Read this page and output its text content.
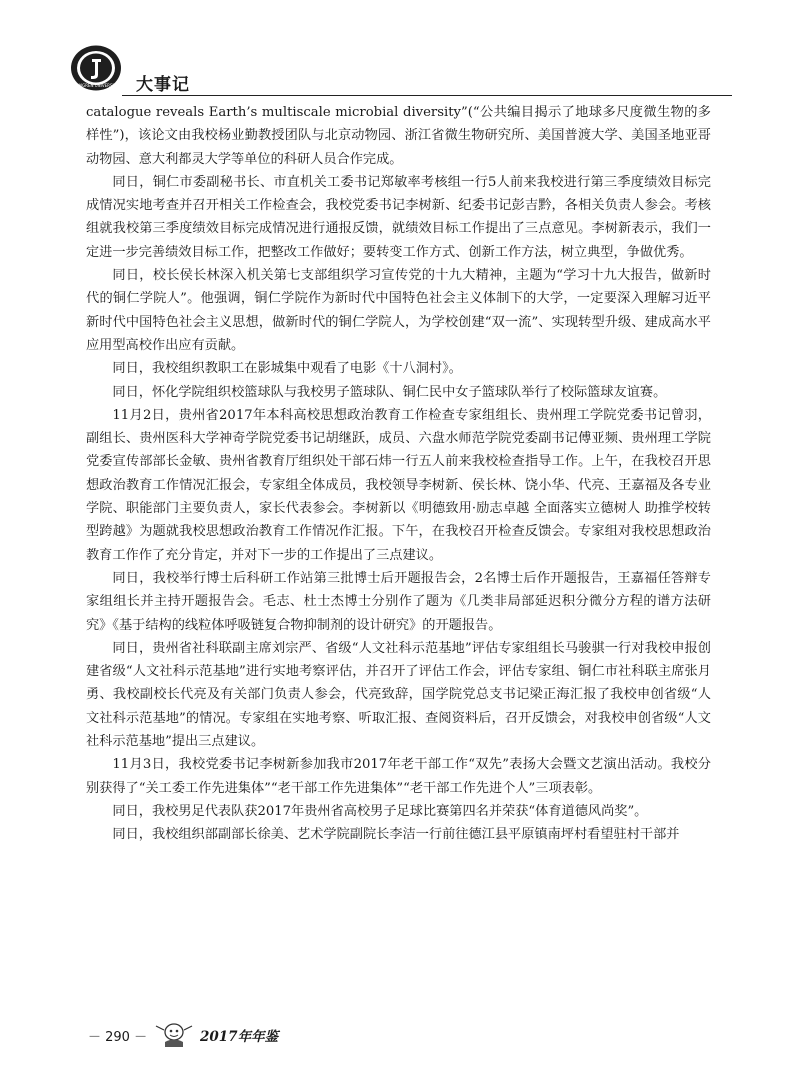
TONGREN UNIVERSITY 大事记

catalogue reveals Earth’s multiscale microbial diversity”(“公共编目揭示了地球多尺度微生物的多样性”)，该论文由我校杨业勤教授团队与北京动物园、浙江省微生物研究所、美国普渡大学、美国圣地亚哥动物园、意大利都灵大学等单位的科研人员合作完成。

同日，铜仁市委副秘书长、市直机关工委书记郑敏率考核组一行5人前来我校进行第三季度绩效目标完成情况实地考查并召开相关工作检查会，我校党委书记李树新、纪委书记彭吉黔，各相关负责人参会。考核组就我校第三季度绩效目标完成情况进行通报反馈，就绩效目标工作提出了三点意见。李树新表示，我们一定进一步完善绩效目标工作，把整改工作做好；要转变工作方式、创新工作方法，树立典型，争做优秀。

同日，校长侯长林深入机关第七支部组织学习宣传党的十九大精神，主题为“学习十九大报告，做新时代的铜仁学院人”。他强调，铜仁学院作为新时代中国特色社会主义体制下的大学，一定要深入理解习近平新时代中国特色社会主义思想，做新时代的铜仁学院人，为学校创建“双一流”、实现转型升级、建成高水平应用型高校作出应有贡献。

同日，我校组织教职工在影城集中观看了电影《十八洞村》。

同日，怀化学院组织校篮球队与我校男子篮球队、铜仁民中女子篮球队举行了校际篮球友谊赛。

11月2日，贵州省2017年本科高校思想政治教育工作检查专家组组长、贵州理工学院党委书记曾羽，副组长、贵州医科大学神奇学院党委书记胡继跃，成员、六盘水师范学院党委副书记傅亚频、贵州理工学院党委宣传部部长金敏、贵州省教育厅组织处干部石炜一行五人前来我校检查指导工作。上午，在我校召开思想政治教育工作情况汇报会，专家组全体成员，我校领导李树新、侯长林、饶小华、代亮、王嘉福及各专业学院、职能部门主要负责人，家长代表参会。李树新以《明德致用·励志卓越 全面落实立德树人 助推学校转型跨越》为题就我校思想政治教育工作情况作汇报。下午，在我校召开检查反馈会。专家组对我校思想政治教育工作作了充分肯定，并对下一步的工作提出了三点建议。

同日，我校举行博士后科研工作站第三批博士后开题报告会，2名博士后作开题报告，王嘉福任答辩专家组组长并主持开题报告会。毛志、杜士杰博士分别作了题为《几类非局部延迟积分微分方程的谱方法研究》《基于结构的线粒体呼吸链复合物抑制剂的设计研究》的开题报告。

同日，贵州省社科联副主席刘宗严、省级“人文社科示范基地”评估专家组组长马骏骐一行对我校申报创建省级“人文社科示范基地”进行实地考察评估，并召开了评估工作会，评估专家组、铜仁市社科联主席张月勇、我校副校长代亮及有关部门负责人参会，代亮致辞，国学院党总支书记梁正海汇报了我校申创省级“人文社科示范基地”的情况。专家组在实地考察、听取汇报、查阅资料后，召开反馈会，对我校申创省级“人文社科示范基地”提出三点建议。

11月3日，我校党委书记李树新参加我市2017年老干部工作“双先”表扬大会暨文艺演出活动。我校分别获得了“关工委工作先进集体”“老干部工作先进集体”“老干部工作先进个人”三项表彰。

同日，我校男足代表队获2017年贵州省高校男子足球比赛第四名并荣获“体育道德风尚奖”。

同日，我校组织部副部长徐美、艺术学院副院长李洁一行前往德江县平原镇南坪村看望驻村干部并

－ 290 －	2017年年鉴
